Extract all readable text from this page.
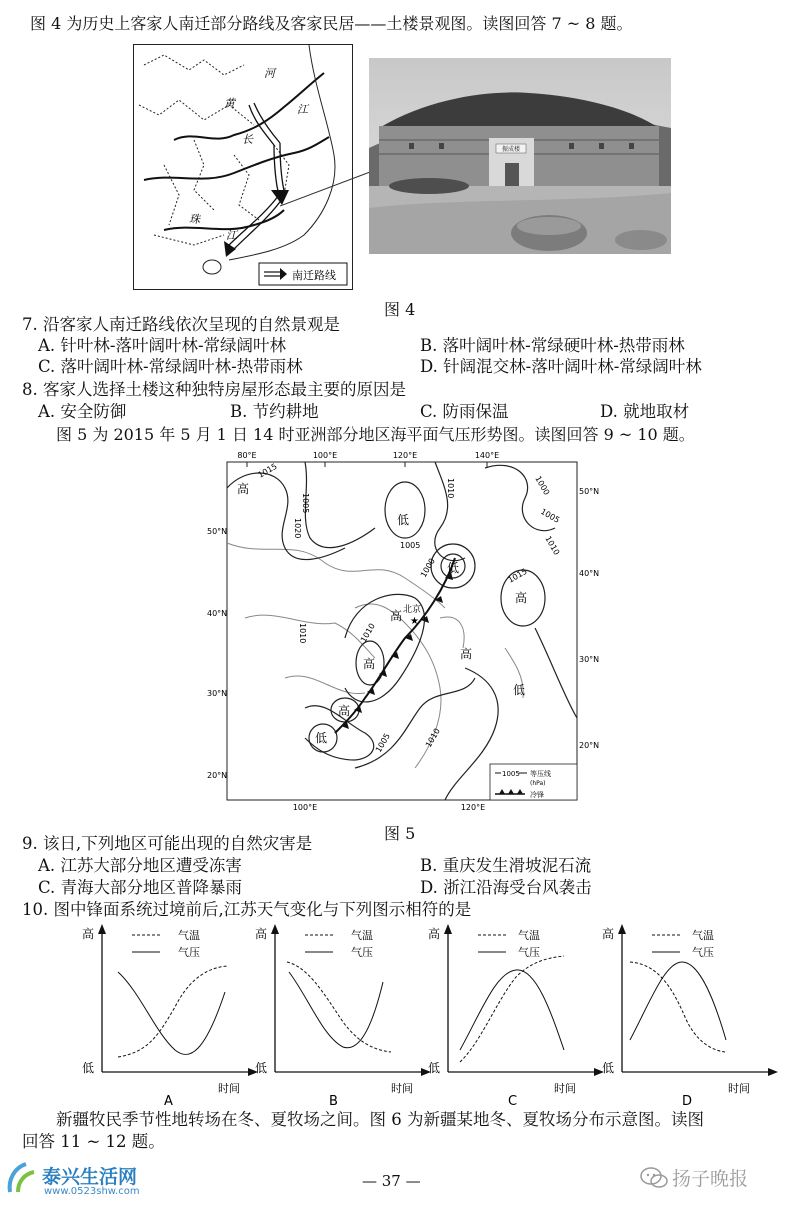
图 4 为历史上客家人南迁部分路线及客家民居——土楼景观图。读图回答 7 ~ 8 题。
河
黄	江
长
珠
江
南迁路线
振成楼
图 4
7. 沿客家人南迁路线依次呈现的自然景观是
A. 针叶林-落叶阔叶林-常绿阔叶林	B. 落叶阔叶林-常绿硬叶林-热带雨林
C. 落叶阔叶林-常绿阔叶林-热带雨林	D. 针阔混交林-落叶阔叶林-常绿阔叶林
8. 客家人选择土楼这种独特房屋形态最主要的原因是
A. 安全防御	B. 节约耕地	C. 防雨保温	D. 就地取材
图 5 为 2015 年 5 月 1 日 14 时亚洲部分地区海平面气压形势图。读图回答 9 ~ 10 题。
80°E	100°E	120°E	140°E
100°E	120°E
50°N
40°N
30°N
20°N
50°N
40°N
30°N
20°N
1005
1015
1020
1010	1000
1005
1010
1015
1010
1005
1000
1005	1010
1010
高
低
低
高
高
高
高
低
高
低
北京
★
1005 等压线
(hPa)
冷锋
图 5
9. 该日,下列地区可能出现的自然灾害是
A. 江苏大部分地区遭受冻害	B. 重庆发生滑坡泥石流
C. 青海大部分地区普降暴雨	D. 浙江沿海受台风袭击
10. 图中锋面系统过境前后,江苏天气变化与下列图示相符的是
高
低
时间
气温
气压
A
高
低
时间
气温
气压
B
高
低
时间
气温
气压
C
高
低
时间
气温
气压
D
新疆牧民季节性地转场在冬、夏牧场之间。图 6 为新疆某地冬、夏牧场分布示意图。读图
回答 11 ~ 12 题。
泰兴生活网
www.0523shw.com
— 37 —	扬子晚报
